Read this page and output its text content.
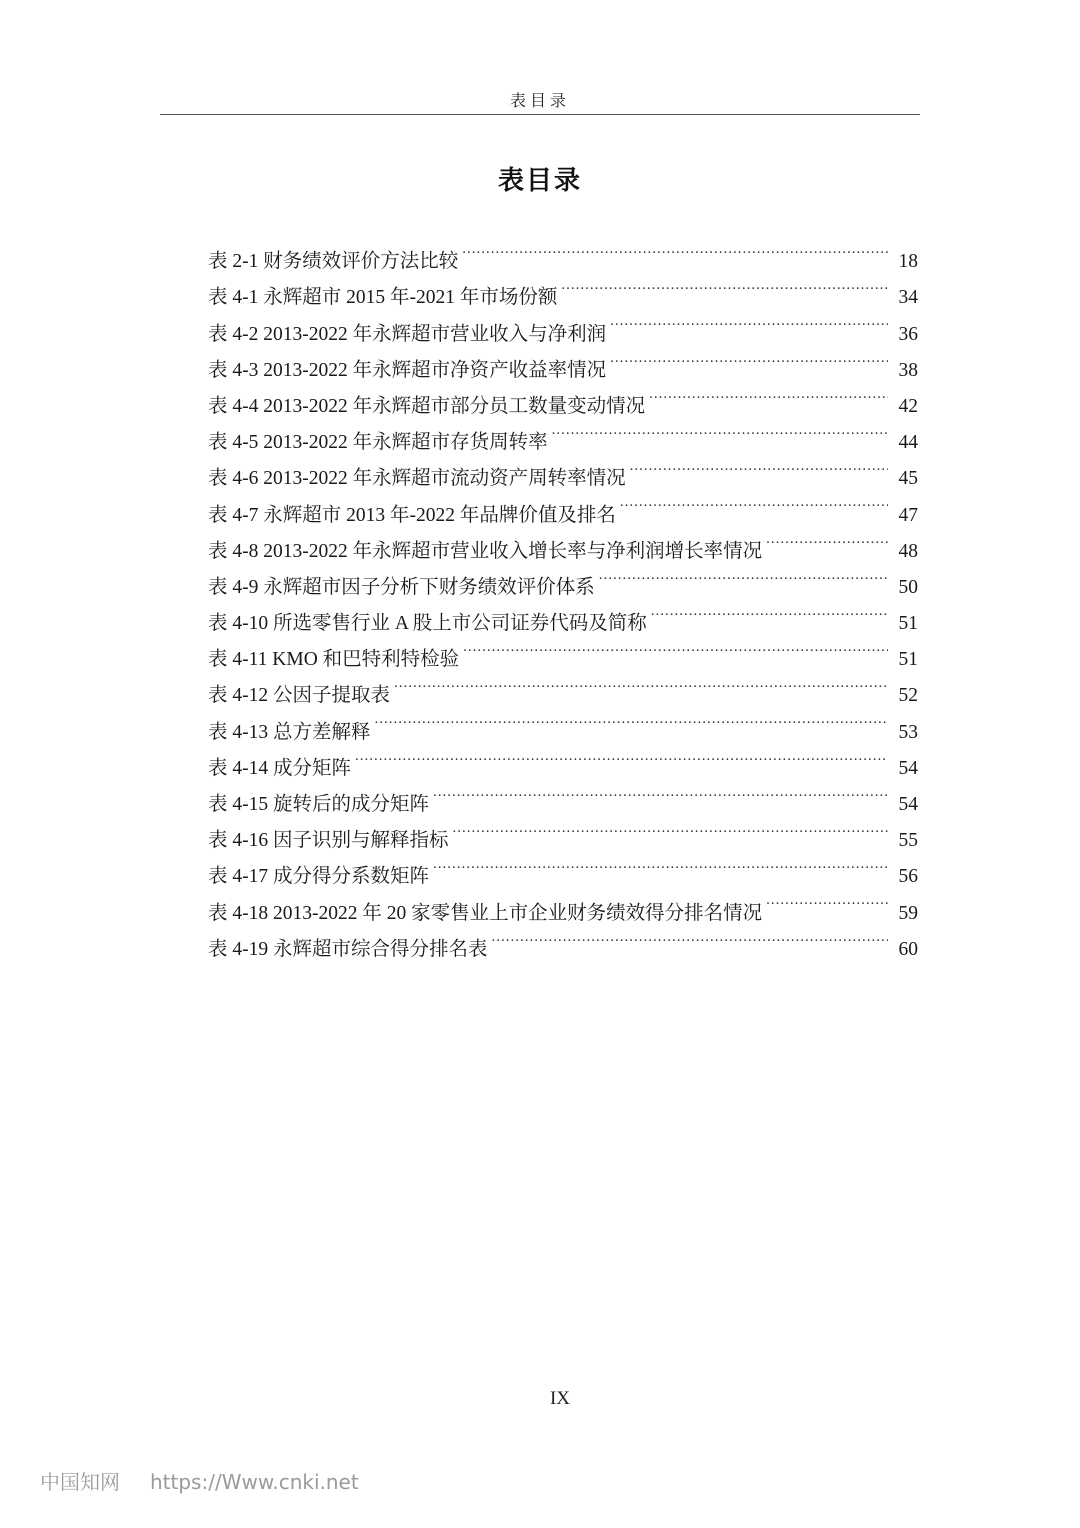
表目录
表目录
表 2-1 财务绩效评价方法比较 .....	18
表 4-1 永辉超市 2015 年-2021 年市场份额 .....	34
表 4-2 2013-2022 年永辉超市营业收入与净利润 .....	36
表 4-3 2013-2022 年永辉超市净资产收益率情况 .....	38
表 4-4 2013-2022 年永辉超市部分员工数量变动情况 .....	42
表 4-5 2013-2022 年永辉超市存货周转率 .....	44
表 4-6 2013-2022 年永辉超市流动资产周转率情况 .....	45
表 4-7 永辉超市 2013 年-2022 年品牌价值及排名 .....	47
表 4-8 2013-2022 年永辉超市营业收入增长率与净利润增长率情况 .....	48
表 4-9 永辉超市因子分析下财务绩效评价体系 .....	50
表 4-10 所选零售行业 A 股上市公司证券代码及简称 .....	51
表 4-11 KMO 和巴特利特检验 .....	51
表 4-12 公因子提取表 .....	52
表 4-13 总方差解释 .....	53
表 4-14 成分矩阵 .....	54
表 4-15 旋转后的成分矩阵 .....	54
表 4-16 因子识别与解释指标 .....	55
表 4-17 成分得分系数矩阵 .....	56
表 4-18 2013-2022 年 20 家零售业上市企业财务绩效得分排名情况 .....	59
表 4-19 永辉超市综合得分排名表 .....	60
IX
中国知网 https://Www.cnki.net
